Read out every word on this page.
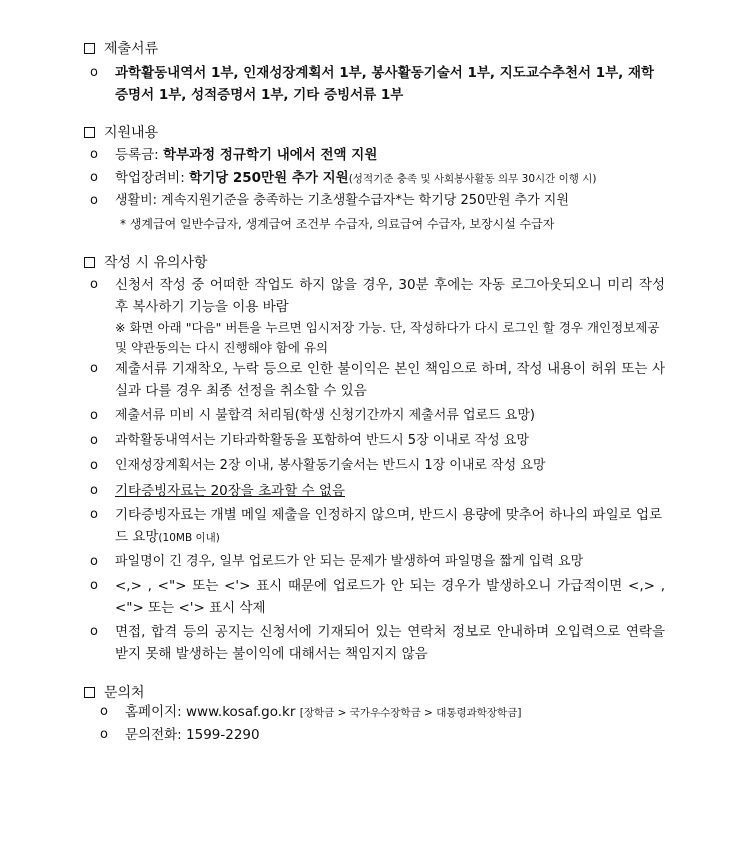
제출서류
o 과학활동내역서 1부, 인재성장계획서 1부, 봉사활동기술서 1부, 지도교수추천서 1부, 재학증명서 1부, 성적증명서 1부, 기타 증빙서류 1부
지원내용
o 등록금: 학부과정 정규학기 내에서 전액 지원
o 학업장려비: 학기당 250만원 추가 지원(성적기준 충족 및 사회봉사활동 의무 30시간 이행 시)
o 생활비: 계속지원기준을 충족하는 기초생활수급자*는 학기당 250만원 추가 지원
* 생계급여 일반수급자, 생계급여 조건부 수급자, 의료급여 수급자, 보장시설 수급자
작성 시 유의사항
o 신청서 작성 중 어떠한 작업도 하지 않을 경우, 30분 후에는 자동 로그아웃되오니 미리 작성 후 복사하기 기능을 이용 바람
※ 화면 아래 "다음" 버튼을 누르면 임시저장 가능. 단, 작성하다가 다시 로그인 할 경우 개인정보제공 및 약관동의는 다시 진행해야 함에 유의
o 제출서류 기재착오, 누락 등으로 인한 불이익은 본인 책임으로 하며, 작성 내용이 허위 또는 사실과 다를 경우 최종 선정을 취소할 수 있음
o 제출서류 미비 시 불합격 처리됨(학생 신청기간까지 제출서류 업로드 요망)
o 과학활동내역서는 기타과학활동을 포함하여 반드시 5장 이내로 작성 요망
o 인재성장계획서는 2장 이내, 봉사활동기술서는 반드시 1장 이내로 작성 요망
o 기타증빙자료는 20장을 초과할 수 없음
o 기타증빙자료는 개별 메일 제출을 인정하지 않으며, 반드시 용량에 맞추어 하나의 파일로 업로드 요망(10MB 이내)
o 파일명이 긴 경우, 일부 업로드가 안 되는 문제가 발생하여 파일명을 짧게 입력 요망
o <,> , <"> 또는 <'> 표시 때문에 업로드가 안 되는 경우가 발생하오니 가급적이면 <,> , <"> 또는 <'> 표시 삭제
o 면접, 합격 등의 공지는 신청서에 기재되어 있는 연락처 정보로 안내하며 오입력으로 연락을 받지 못해 발생하는 불이익에 대해서는 책임지지 않음
문의처
o 홈페이지: www.kosaf.go.kr [장학금 > 국가우수장학금 > 대통령과학장학금]
o 문의전화: 1599-2290
